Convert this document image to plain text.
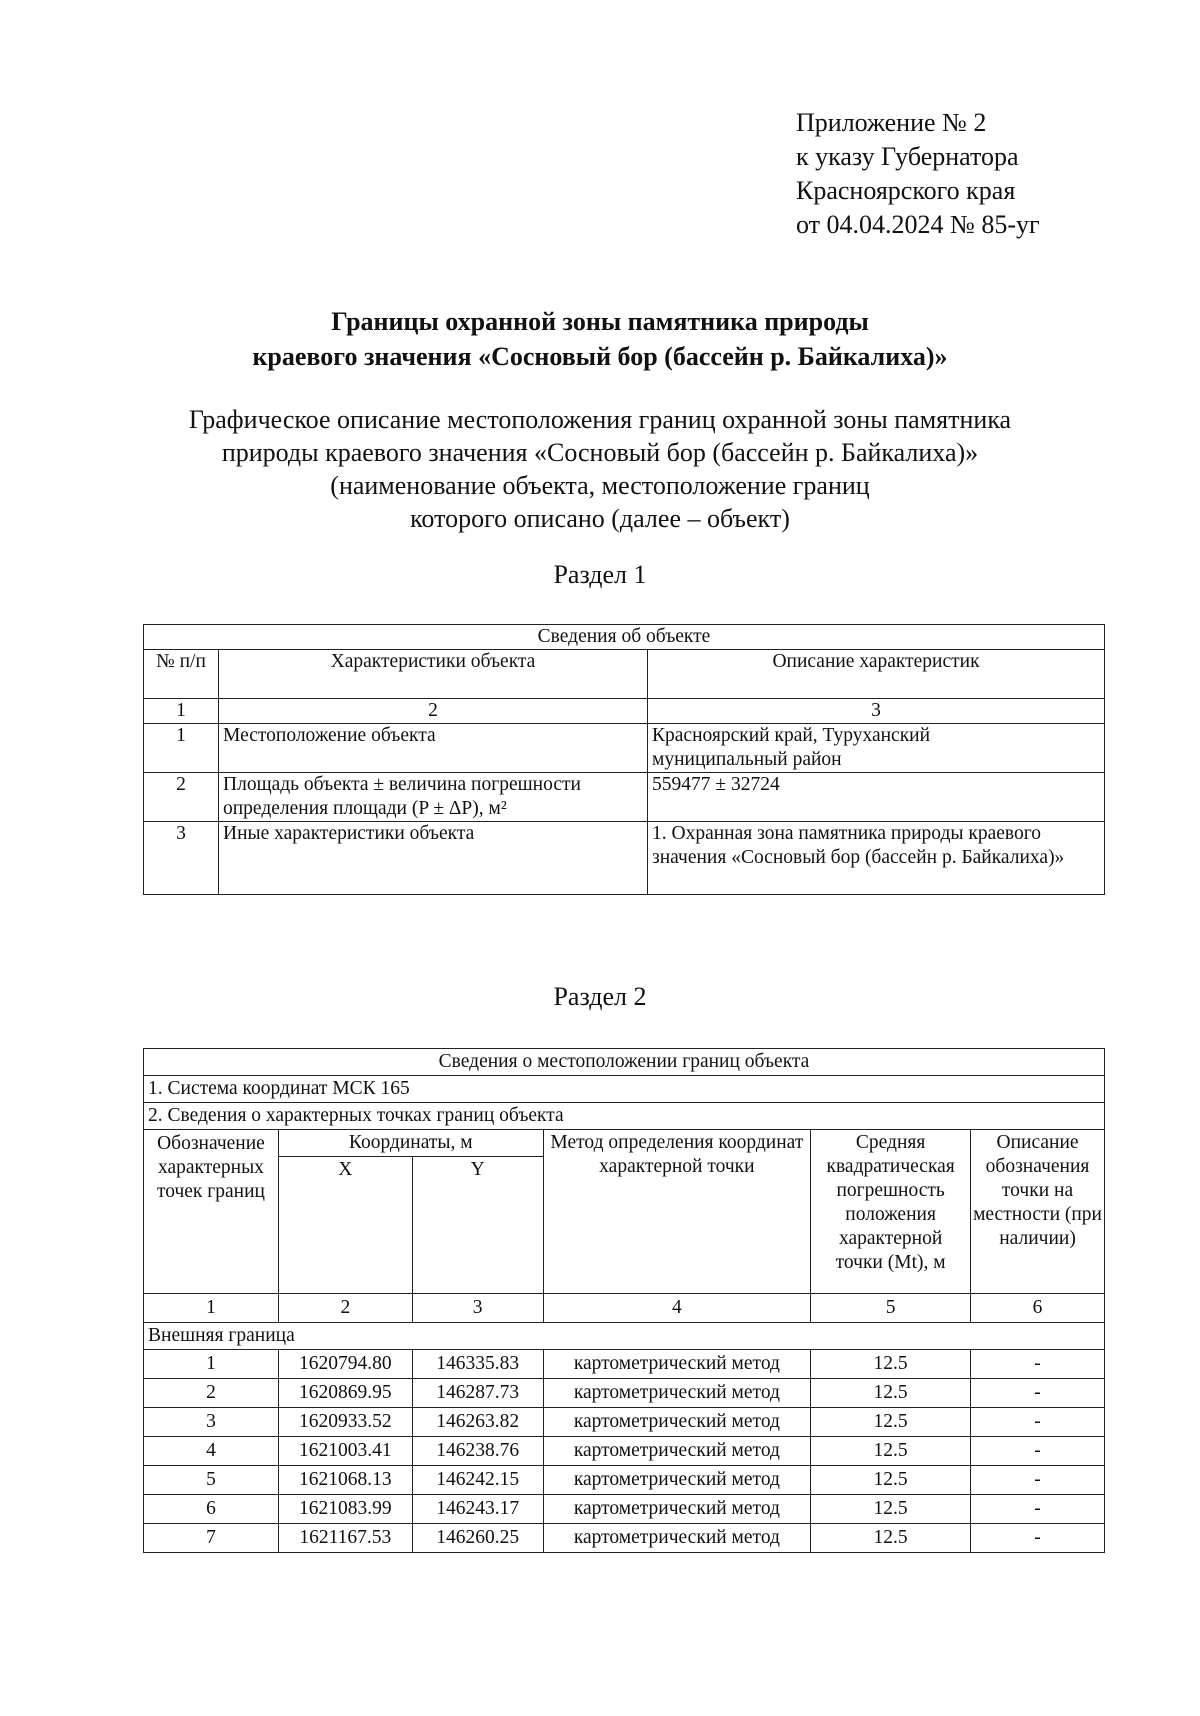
Приложение № 2
к указу Губернатора
Красноярского края
от 04.04.2024 № 85-уг
Границы охранной зоны памятника природы
краевого значения «Сосновый бор (бассейн р. Байкалиха)»
Графическое описание местоположения границ охранной зоны памятника
природы краевого значения «Сосновый бор (бассейн р. Байкалиха)»
(наименование объекта, местоположение границ
которого описано (далее – объект)
Раздел 1
Сведения об объекте		
№ п/п	Характеристики объекта	Описание характеристик
1	2	3
1	Местоположение объекта	Красноярский край, Туруханский муниципальный район
2	Площадь объекта ± величина погрешности определения площади (P ± ΔP), м²	559477 ± 32724
3	Иные характеристики объекта	1. Охранная зона памятника природы краевого значения «Сосновый бор (бассейн р. Байкалиха)»
Раздел 2
Сведения о местоположении границ объекта					
1. Система координат МСК 165					
2. Сведения о характерных точках границ объекта					
Обозначение характерных точек границ	Координаты, м		Метод определения координат характерной точки	Средняя квадратическая погрешность положения характерной точки (Mt), м	Описание обозначения точки на местности (при наличии)
	X	Y			
1	2	3	4	5	6
Внешняя граница					
1	1620794.80	146335.83	картометрический метод	12.5	-
2	1620869.95	146287.73	картометрический метод	12.5	-
3	1620933.52	146263.82	картометрический метод	12.5	-
4	1621003.41	146238.76	картометрический метод	12.5	-
5	1621068.13	146242.15	картометрический метод	12.5	-
6	1621083.99	146243.17	картометрический метод	12.5	-
7	1621167.53	146260.25	картометрический метод	12.5	-
